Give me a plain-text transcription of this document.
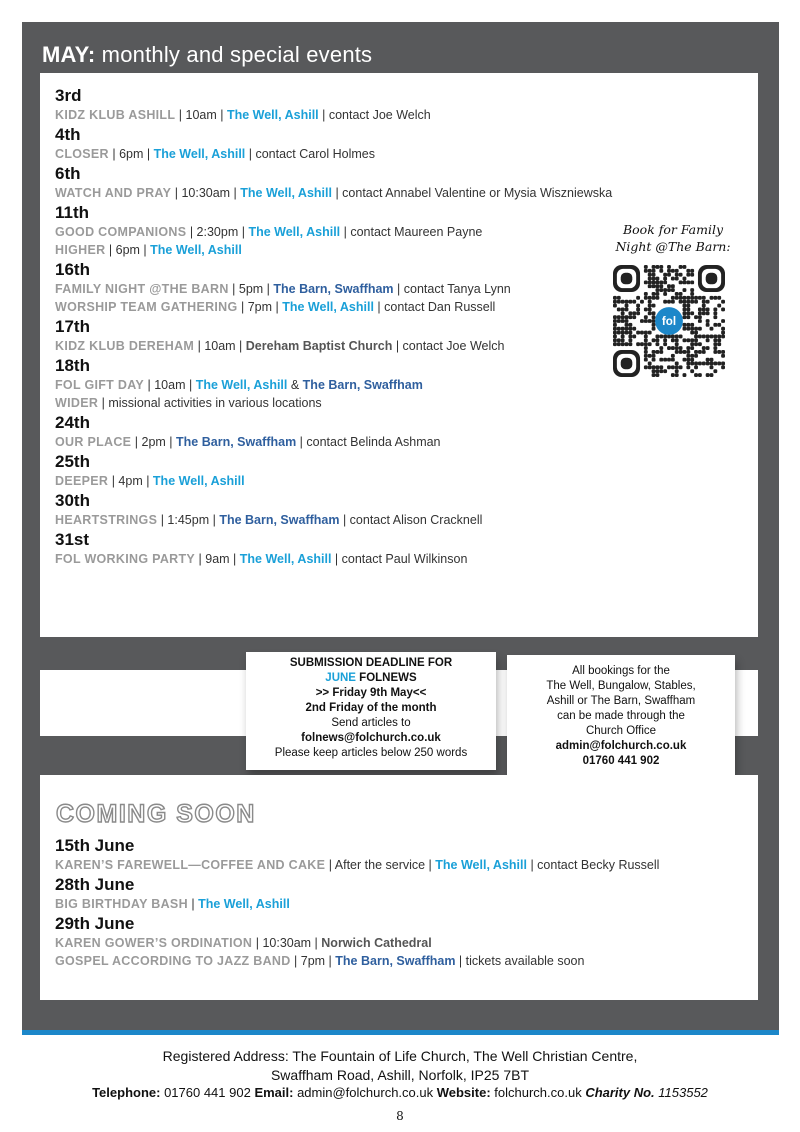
MAY: monthly and special events
3rd
KIDZ KLUB ASHILL | 10am | The Well, Ashill | contact Joe Welch
4th
CLOSER | 6pm | The Well, Ashill | contact Carol Holmes
6th
WATCH AND PRAY | 10:30am | The Well, Ashill | contact Annabel Valentine or Mysia Wiszniewska
11th
GOOD COMPANIONS | 2:30pm | The Well, Ashill | contact Maureen Payne
HIGHER | 6pm | The Well, Ashill
16th
FAMILY NIGHT @THE BARN | 5pm | The Barn, Swaffham | contact Tanya Lynn
WORSHIP TEAM GATHERING | 7pm | The Well, Ashill | contact Dan Russell
17th
KIDZ KLUB DEREHAM | 10am | Dereham Baptist Church | contact Joe Welch
18th
FOL GIFT DAY | 10am | The Well, Ashill & The Barn, Swaffham
WIDER | missional activities in various locations
24th
OUR PLACE | 2pm | The Barn, Swaffham | contact Belinda Ashman
25th
DEEPER | 4pm | The Well, Ashill
30th
HEARTSTRINGS | 1:45pm | The Barn, Swaffham | contact Alison Cracknell
31st
FOL WORKING PARTY | 9am | The Well, Ashill | contact Paul Wilkinson
Book for Family
Night @The Barn:
fol
SUBMISSION DEADLINE FOR
JUNE FOLNEWS
>> Friday 9th May<<
2nd Friday of the month
Send articles to
folnews@folchurch.co.uk
Please keep articles below 250 words
All bookings for the
The Well, Bungalow, Stables,
Ashill or The Barn, Swaffham
can be made through the
Church Office
admin@folchurch.co.uk
01760 441 902
COMING SOON
15th June
KAREN’S FAREWELL—COFFEE AND CAKE | After the service | The Well, Ashill | contact Becky Russell
28th June
BIG BIRTHDAY BASH | The Well, Ashill
29th June
KAREN GOWER’S ORDINATION | 10:30am | Norwich Cathedral
GOSPEL ACCORDING TO JAZZ BAND | 7pm | The Barn, Swaffham | tickets available soon
Registered Address: The Fountain of Life Church, The Well Christian Centre,
Swaffham Road, Ashill, Norfolk, IP25 7BT
Telephone: 01760 441 902 Email: admin@folchurch.co.uk Website: folchurch.co.uk Charity No. 1153552
8
